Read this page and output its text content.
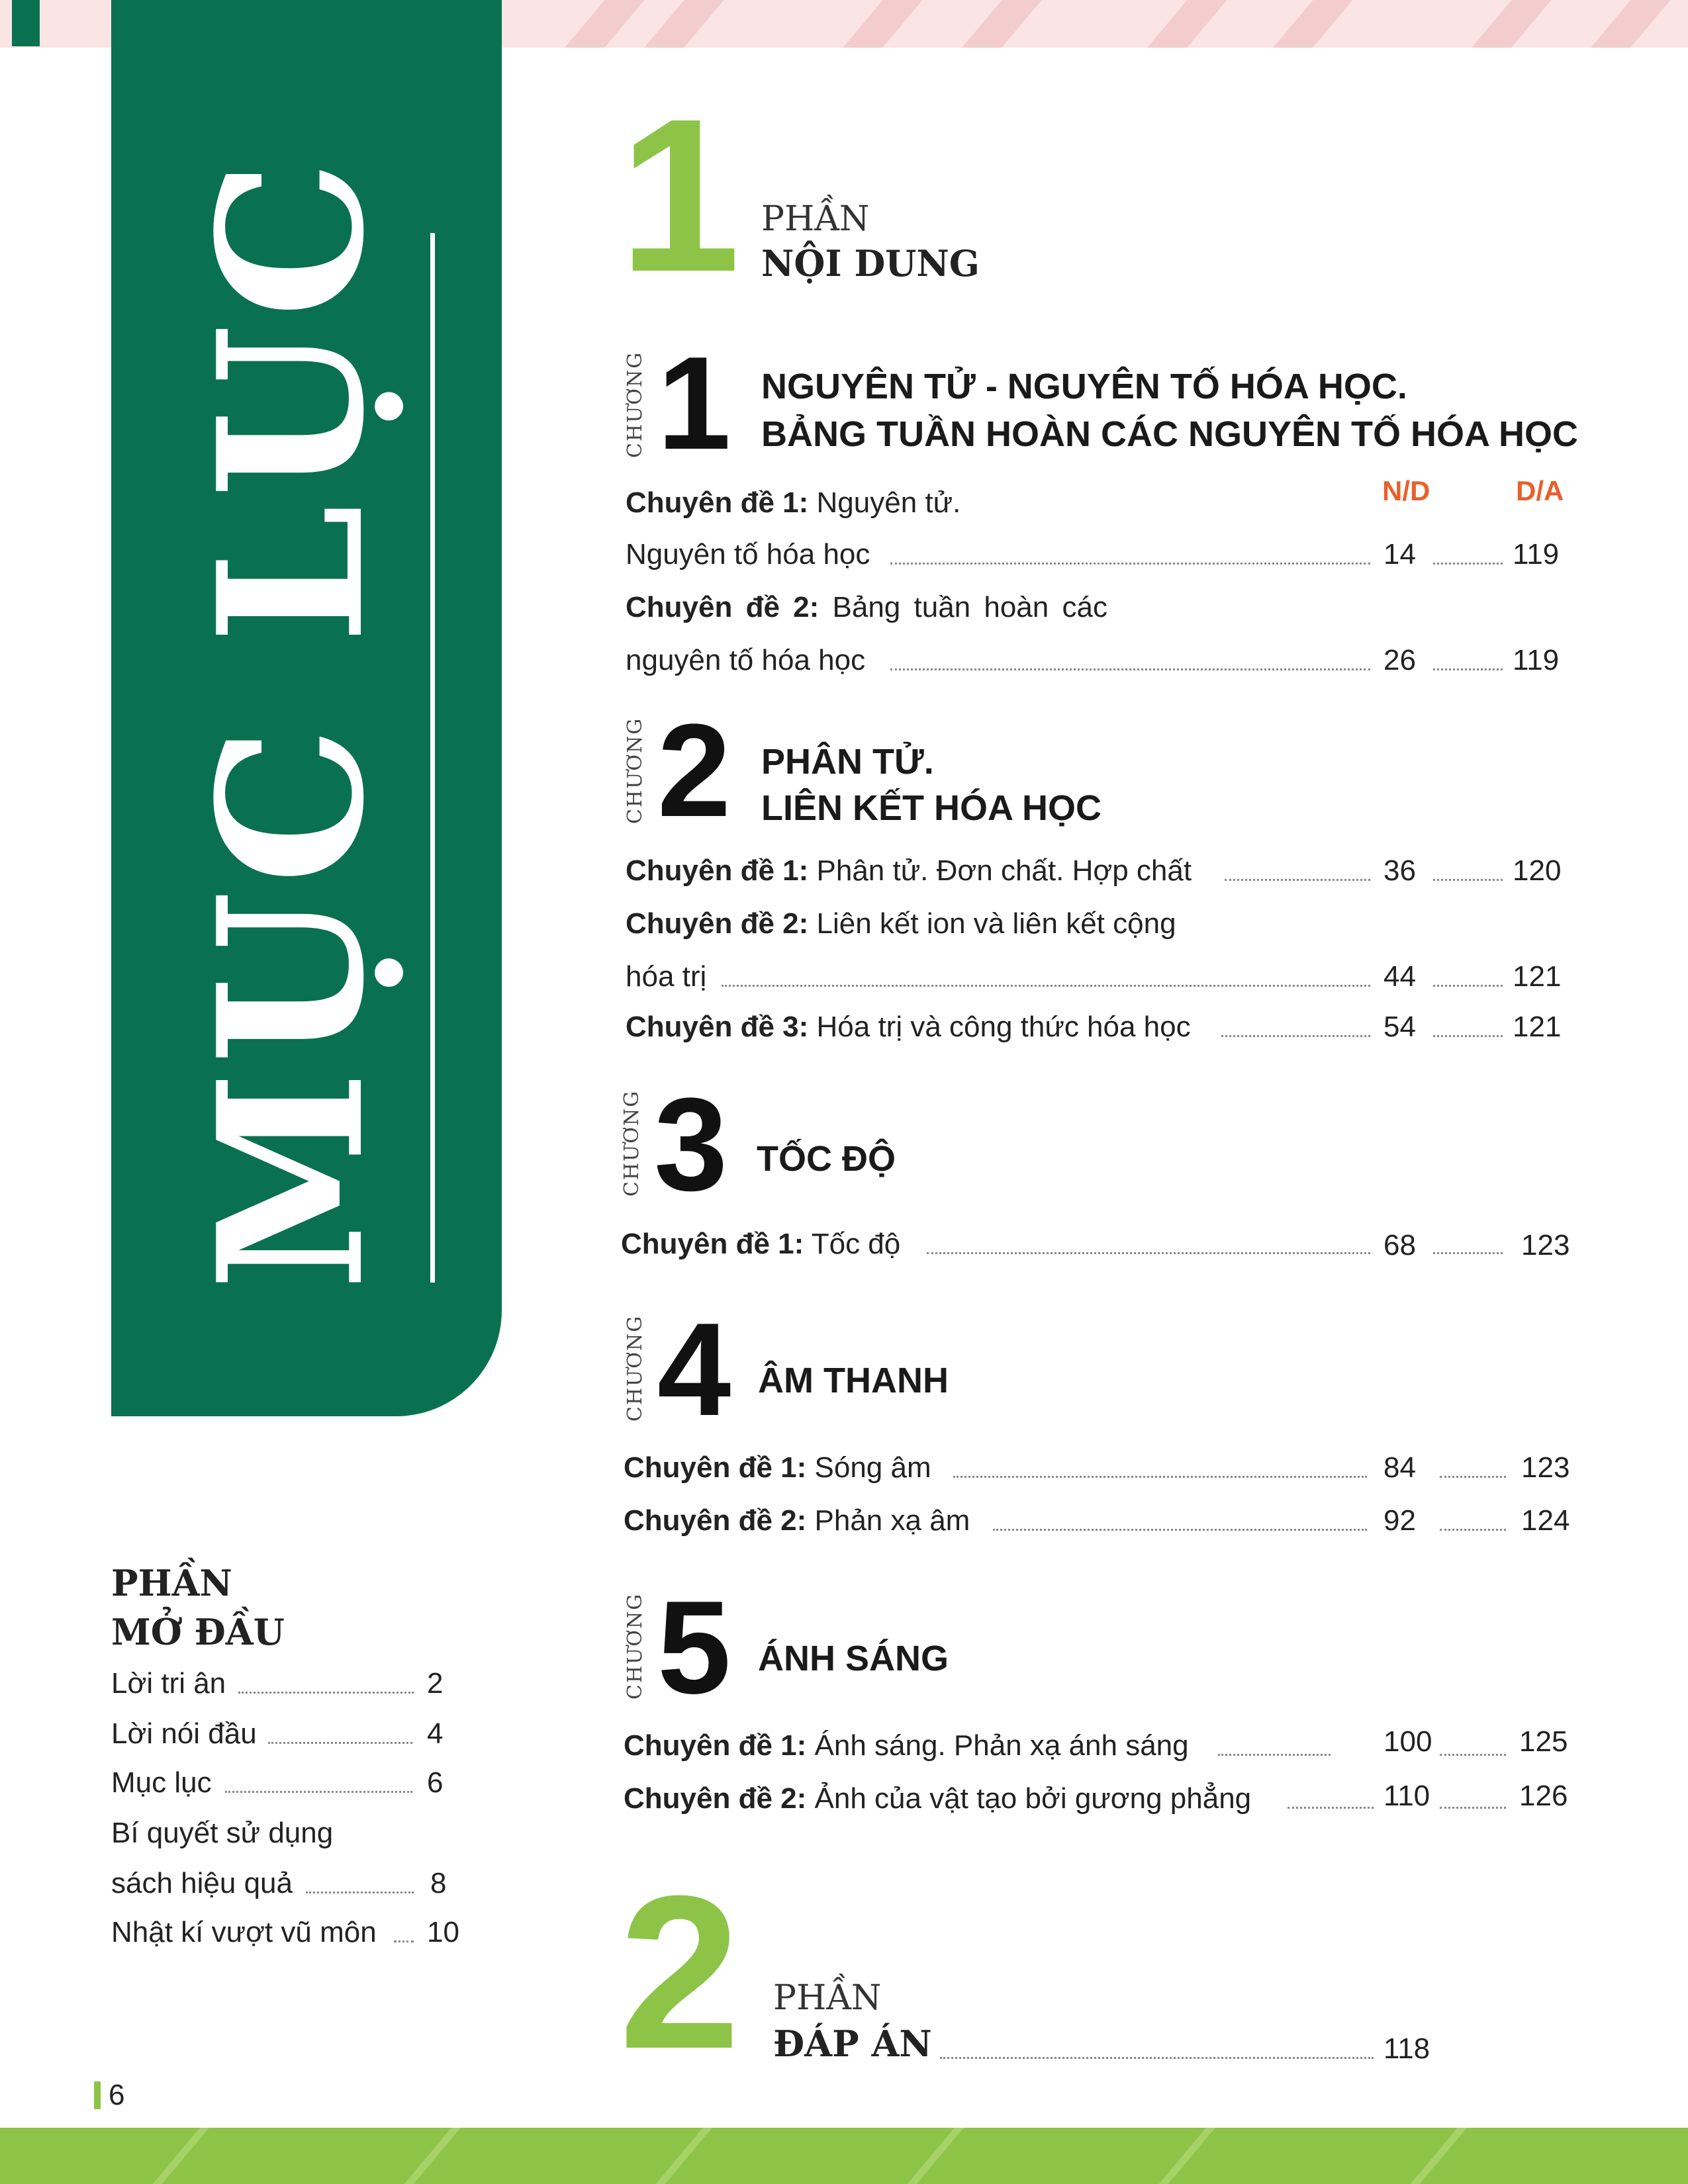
MỤC LỤC 1 PHẦN
NỘI DUNG
N/D	D/A
CHƯƠNG 1 NGUYÊN TỬ - NGUYÊN TỐ HÓA HỌC.
BẢNG TUẦN HOÀN CÁC NGUYÊN TỐ HÓA HỌC
Chuyên đề 1: Nguyên tử.
Nguyên tố hóa học	14	119
Chuyên đề 2: Bảng tuần hoàn các
nguyên tố hóa học	26	119
CHƯƠNG 2 PHÂN TỬ.
LIÊN KẾT HÓA HỌC
Chuyên đề 1: Phân tử. Đơn chất. Hợp chất	36	120
Chuyên đề 2: Liên kết ion và liên kết cộng
hóa trị	44	121
Chuyên đề 3: Hóa trị và công thức hóa học	54	121
CHƯƠNG 3 TỐC ĐỘ
Chuyên đề 1: Tốc độ	68	123
CHƯƠNG 4 ÂM THANH
Chuyên đề 1: Sóng âm	84	123
Chuyên đề 2: Phản xạ âm	92	124
CHƯƠNG 5 ÁNH SÁNG
Chuyên đề 1: Ánh sáng. Phản xạ ánh sáng	100	125
Chuyên đề 2: Ảnh của vật tạo bởi gương phẳng	110	126
2 PHẦN
ĐÁP ÁN	118
PHẦN
MỞ ĐẦU
Lời tri ân	2
Lời nói đầu	4
Mục lục	6
Bí quyết sử dụng
sách hiệu quả	8
Nhật kí vượt vũ môn 10
6
